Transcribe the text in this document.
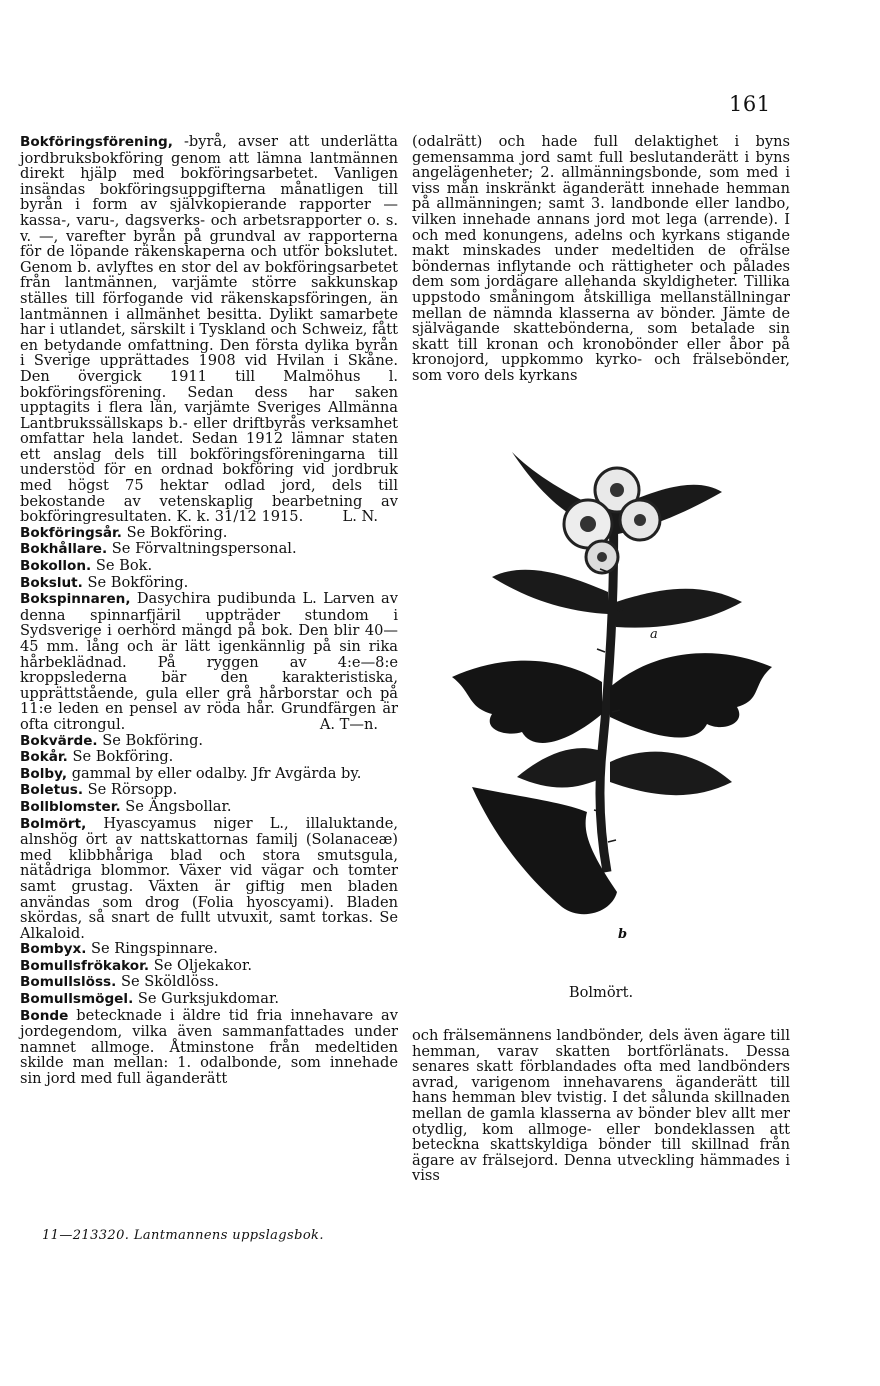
161

Bokföringsförening, -byrå, avser att underlätta jordbruksbokföring genom att lämna lantmännen direkt hjälp med bokföringsarbetet. Vanligen insändas bokföringsuppgifterna månatligen till byrån i form av självkopierande rapporter — kassa-, varu-, dagsverks- och arbetsrapporter o. s. v. —, varefter byrån på grundval av rapporterna för de löpande räkenskaperna och utför bokslutet. Genom b. avlyftes en stor del av bokföringsarbetet från lantmännen, varjämte större sakkunskap ställes till förfogande vid räkenskapsföringen, än lantmännen i allmänhet besitta. Dylikt samarbete har i utlandet, särskilt i Tyskland och Schweiz, fått en betydande omfattning. Den första dylika byrån i Sverige upprättades 1908 vid Hvilan i Skåne. Den övergick 1911 till Malmöhus l. bokföringsförening. Sedan dess har saken upptagits i flera län, varjämte Sveriges Allmänna Lantbrukssällskaps b.- eller driftbyrås verksamhet omfattar hela landet. Sedan 1912 lämnar staten ett anslag dels till bokföringsföreningarna till understöd för en ordnad bokföring vid jordbruk med högst 75 hektar odlad jord, dels till bekostande av vetenskaplig bearbetning av bokföringresultaten. K. k. 31/12 1915.	L. N.

Bokföringsår. Se Bokföring.

Bokhållare. Se Förvaltningspersonal.

Bokollon. Se Bok.

Bokslut. Se Bokföring.

Bokspinnaren, Dasychira pudibunda L. Larven av denna spinnarfjäril uppträder stundom i Sydsverige i oerhörd mängd på bok. Den blir 40—45 mm. lång och är lätt igenkännlig på sin rika hårbeklädnad. På ryggen av 4:e—8:e kroppslederna bär den karakteristiska, upprättstående, gula eller grå hårborstar och på 11:e leden en pensel av röda hår. Grundfärgen är ofta citrongul.	A. T—n.

Bokvärde. Se Bokföring.

Bokår. Se Bokföring.

Bolby, gammal by eller odalby. Jfr Avgärda by.

Boletus. Se Rörsopp.

Bollblomster. Se Ängsbollar.

Bolmört, Hyascyamus niger L., illaluktande, alnshög ört av nattskattornas familj (Solanaceæ) med klibbhåriga blad och stora smutsgula, nätådriga blommor. Växer vid vägar och tomter samt grustag. Växten är giftig men bladen användas som drog (Folia hyoscyami). Bladen skördas, så snart de fullt utvuxit, samt torkas. Se Alkaloid.

Bombyx. Se Ringspinnare.

Bomullsfrökakor. Se Oljekakor.

Bomullslöss. Se Sköldlöss.

Bomullsmögel. Se Gurksjukdomar.

Bonde betecknade i äldre tid fria innehavare av jordegendom, vilka även sammanfattades under namnet allmoge. Åtminstone från medeltiden skilde man mellan: 1. odalbonde, som innehade sin jord med full äganderätt

(odalrätt) och hade full delaktighet i byns gemensamma jord samt full beslutanderätt i byns angelägenheter; 2. allmänningsbonde, som med i viss mån inskränkt äganderätt innehade hemman på allmänningen; samt 3. landbonde eller landbo, vilken innehade annans jord mot lega (arrende). I och med konungens, adelns och kyrkans stigande makt minskades under medeltiden de ofrälse böndernas inflytande och rättigheter och pålades dem som jordägare allehanda skyldigheter. Tillika uppstodo småningom åtskilliga mellanställningar mellan de nämnda klasserna av bönder. Jämte de självägande skattebönderna, som betalade sin skatt till kronan och kronobönder eller åbor på kronojord, uppkommo kyrko- och frälsebönder, som voro dels kyrkans

a
b
Bolmört.

och frälsemännens landbönder, dels även ägare till hemman, varav skatten bortförlänats. Dessa senares skatt förblandades ofta med landbönders avrad, varigenom innehavarens äganderätt till hans hemman blev tvistig. I det sålunda skillnaden mellan de gamla klasserna av bönder blev allt mer otydlig, kom allmoge- eller bondeklassen att beteckna skattskyldiga bönder till skillnad från ägare av frälsejord. Denna utveckling hämmades i viss

11—213320. Lantmannens uppslagsbok.
